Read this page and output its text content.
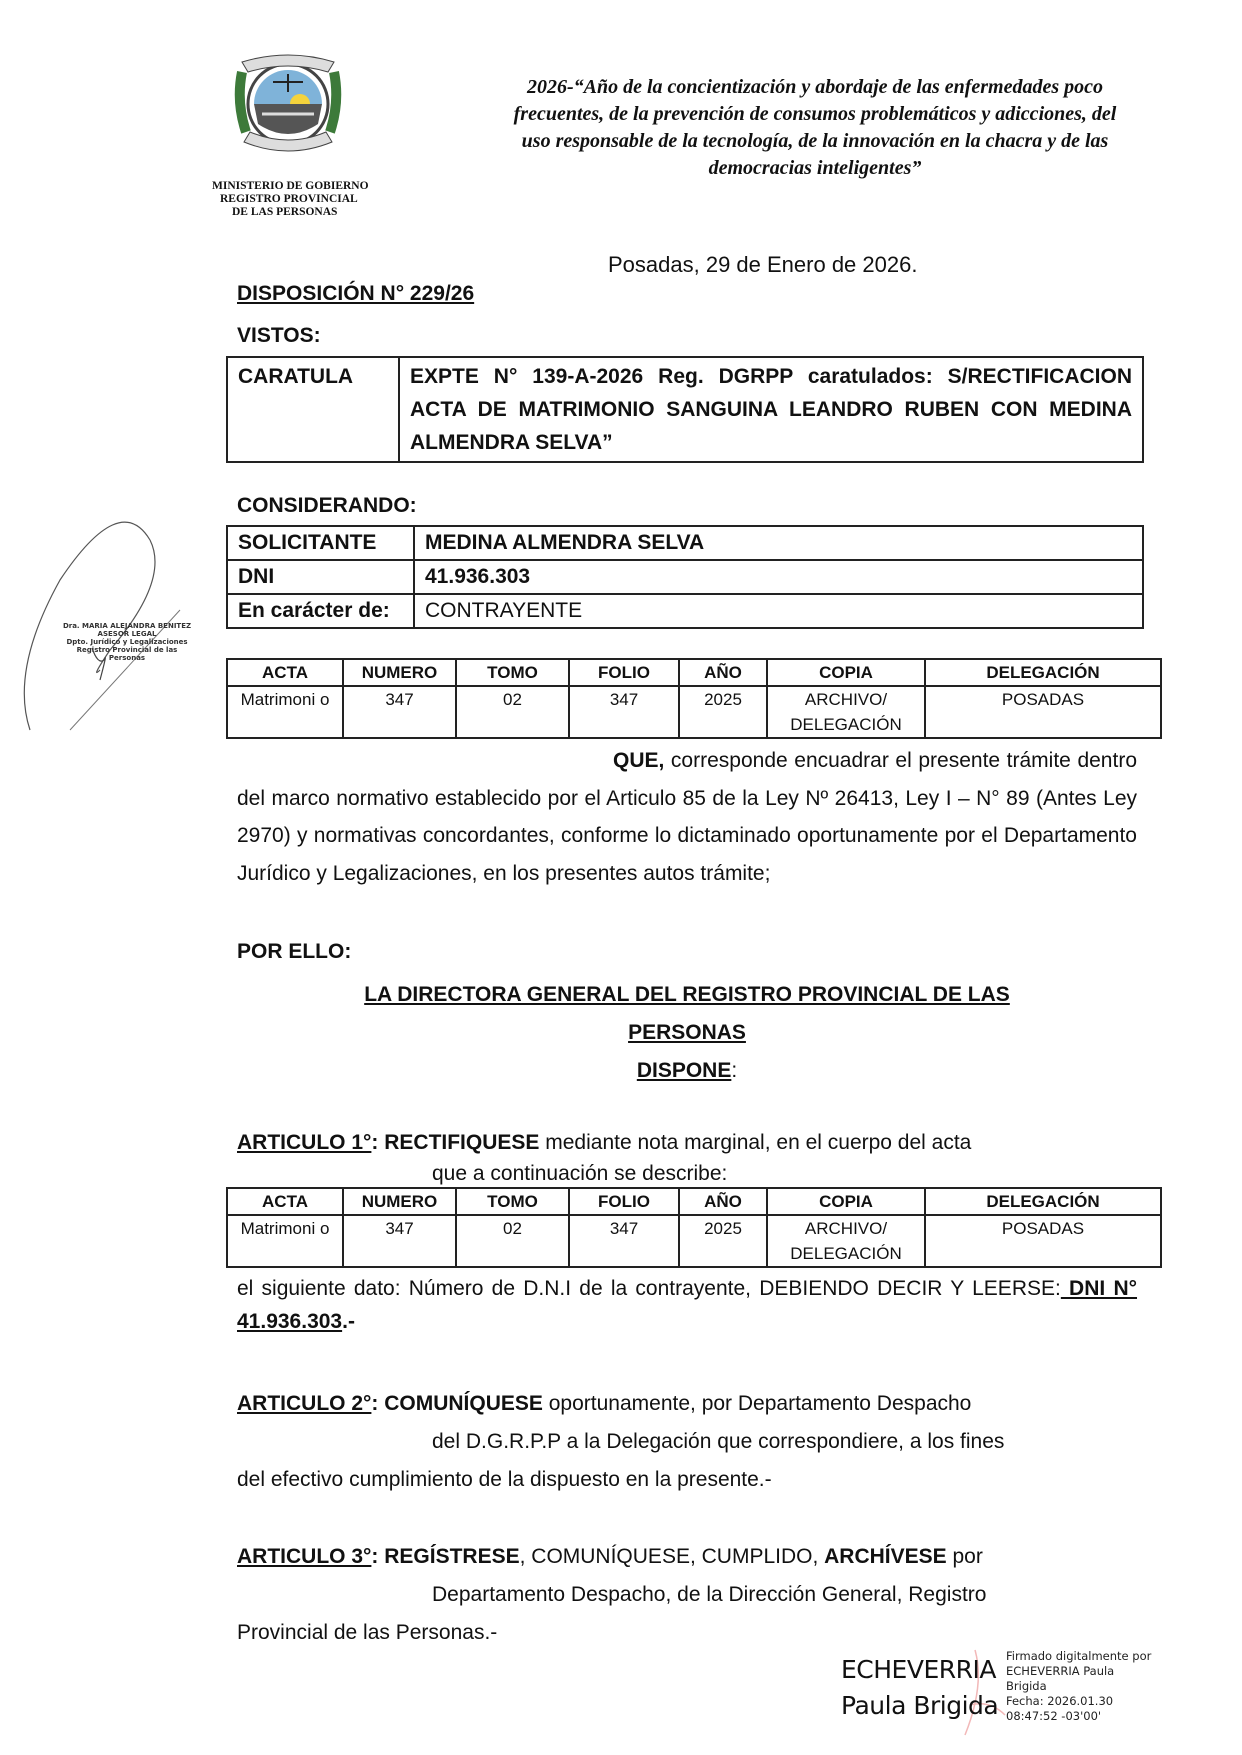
MINISTERIO DE GOBIERNO
REGISTRO PROVINCIAL
DE LAS PERSONAS
2026-“Año de la concientización y abordaje de las enfermedades poco
frecuentes, de la prevención de consumos problemáticos y adicciones, del
uso responsable de la tecnología, de la innovación en la chacra y de las
democracias inteligentes”
Dra. MARIA ALEJANDRA BENITEZ
ASESOR LEGAL
Dpto. Jurídico y Legalizaciones
Registro Provincial de las Personas
Posadas, 29 de Enero de 2026.
DISPOSICIÓN N° 229/26
VISTOS:
CARATULA	EXPTE N° 139-A-2026 Reg. DGRPP caratulados: S/RECTIFICACION ACTA DE MATRIMONIO SANGUINA LEANDRO RUBEN CON MEDINA ALMENDRA SELVA”
CONSIDERANDO:
SOLICITANTE	MEDINA ALMENDRA SELVA
DNI	41.936.303
En carácter de:	CONTRAYENTE
ACTA	NUMERO	TOMO	FOLIO	AÑO	COPIA	DELEGACIÓN
Matrimoni o	347	02	347	2025	ARCHIVO/ DELEGACIÓN	POSADAS
QUE, corresponde encuadrar el presente trámite dentro del marco normativo establecido por el Articulo 85 de la Ley Nº 26413, Ley I – N° 89 (Antes Ley 2970) y normativas concordantes, conforme lo dictaminado oportunamente por el Departamento Jurídico y Legalizaciones, en los presentes autos trámite;
POR ELLO:
LA DIRECTORA GENERAL DEL REGISTRO PROVINCIAL DE LAS
PERSONAS
DISPONE:
ARTICULO 1°: RECTIFIQUESE mediante nota marginal, en el cuerpo del acta
que a continuación se describe:
ACTA	NUMERO	TOMO	FOLIO	AÑO	COPIA	DELEGACIÓN
Matrimoni o	347	02	347	2025	ARCHIVO/ DELEGACIÓN	POSADAS
el siguiente dato: Número de D.N.I de la contrayente, DEBIENDO DECIR Y LEERSE: DNI N° 41.936.303.-
ARTICULO 2°: COMUNÍQUESE oportunamente, por Departamento Despacho
del D.G.R.P.P a la Delegación que correspondiere, a los fines
del efectivo cumplimiento de la dispuesto en la presente.-
ARTICULO 3°: REGÍSTRESE, COMUNÍQUESE, CUMPLIDO, ARCHÍVESE por
Departamento Despacho, de la Dirección General, Registro
Provincial de las Personas.-
ECHEVERRIA
Paula Brigida
Firmado digitalmente por
ECHEVERRIA Paula
Brigida
Fecha: 2026.01.30
08:47:52 -03'00'
